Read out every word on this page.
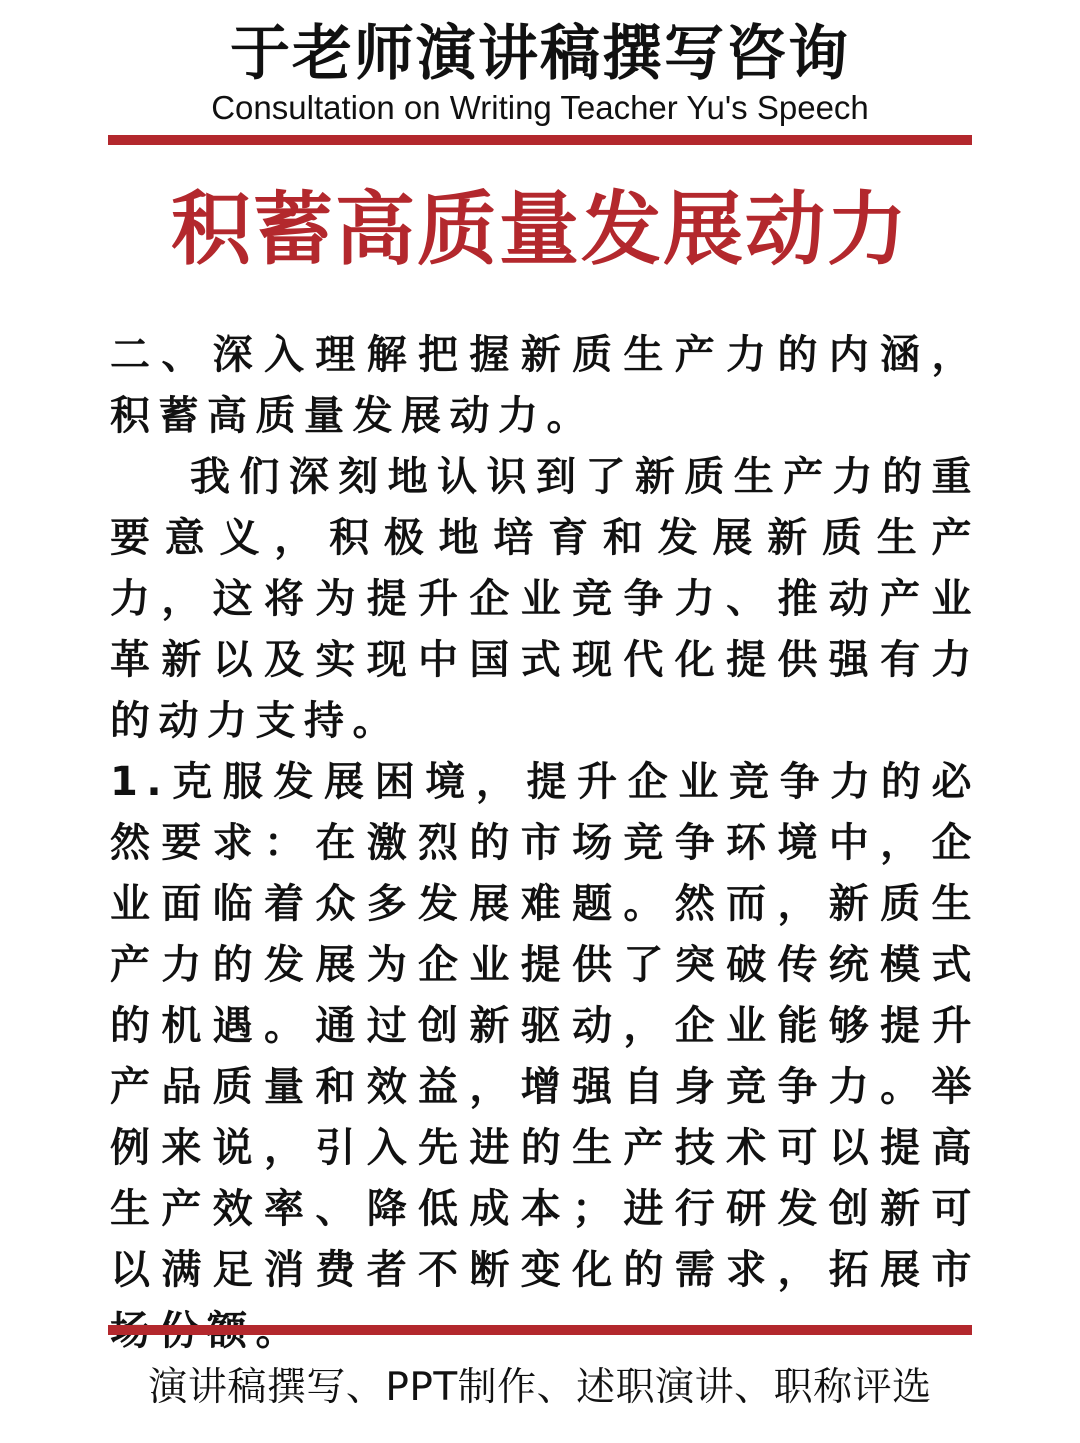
于老师演讲稿撰写咨询
Consultation on Writing Teacher Yu's Speech
积蓄高质量发展动力

二、深入理解把握新质生产力的内涵，积蓄高质量发展动力。

我们深刻地认识到了新质生产力的重要意义，积极地培育和发展新质生产力，这将为提升企业竞争力、推动产业革新以及实现中国式现代化提供强有力的动力支持。

1.克服发展困境，提升企业竞争力的必然要求：在激烈的市场竞争环境中，企业面临着众多发展难题。然而，新质生产力的发展为企业提供了突破传统模式的机遇。通过创新驱动，企业能够提升产品质量和效益，增强自身竞争力。举例来说，引入先进的生产技术可以提高生产效率、降低成本；进行研发创新可以满足消费者不断变化的需求，拓展市

演讲稿撰写、PPT制作、述职演讲、职称评选
